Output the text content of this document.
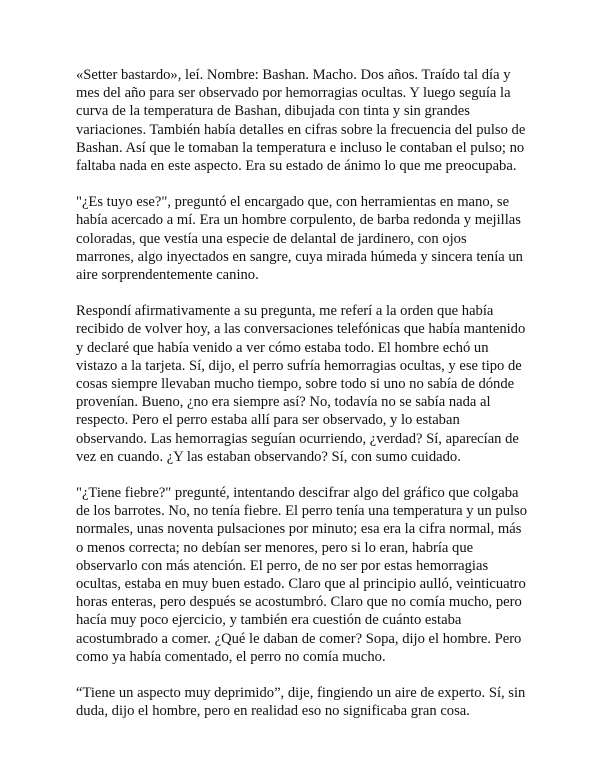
«Setter bastardo», leí. Nombre: Bashan. Macho. Dos años. Traído tal día y mes del año para ser observado por hemorragias ocultas. Y luego seguía la curva de la temperatura de Bashan, dibujada con tinta y sin grandes variaciones. También había detalles en cifras sobre la frecuencia del pulso de Bashan. Así que le tomaban la temperatura e incluso le contaban el pulso; no faltaba nada en este aspecto. Era su estado de ánimo lo que me preocupaba.

"¿Es tuyo ese?", preguntó el encargado que, con herramientas en mano, se había acercado a mí. Era un hombre corpulento, de barba redonda y mejillas coloradas, que vestía una especie de delantal de jardinero, con ojos marrones, algo inyectados en sangre, cuya mirada húmeda y sincera tenía un aire sorprendentemente canino.

Respondí afirmativamente a su pregunta, me referí a la orden que había recibido de volver hoy, a las conversaciones telefónicas que había mantenido y declaré que había venido a ver cómo estaba todo. El hombre echó un vistazo a la tarjeta. Sí, dijo, el perro sufría hemorragias ocultas, y ese tipo de cosas siempre llevaban mucho tiempo, sobre todo si uno no sabía de dónde provenían. Bueno, ¿no era siempre así? No, todavía no se sabía nada al respecto. Pero el perro estaba allí para ser observado, y lo estaban observando. Las hemorragias seguían ocurriendo, ¿verdad? Sí, aparecían de vez en cuando. ¿Y las estaban observando? Sí, con sumo cuidado.

"¿Tiene fiebre?" pregunté, intentando descifrar algo del gráfico que colgaba de los barrotes. No, no tenía fiebre. El perro tenía una temperatura y un pulso normales, unas noventa pulsaciones por minuto; esa era la cifra normal, más o menos correcta; no debían ser menores, pero si lo eran, habría que observarlo con más atención. El perro, de no ser por estas hemorragias ocultas, estaba en muy buen estado. Claro que al principio aulló, veinticuatro horas enteras, pero después se acostumbró. Claro que no comía mucho, pero hacía muy poco ejercicio, y también era cuestión de cuánto estaba acostumbrado a comer. ¿Qué le daban de comer? Sopa, dijo el hombre. Pero como ya había comentado, el perro no comía mucho.

“Tiene un aspecto muy deprimido”, dije, fingiendo un aire de experto. Sí, sin duda, dijo el hombre, pero en realidad eso no significaba gran cosa.
